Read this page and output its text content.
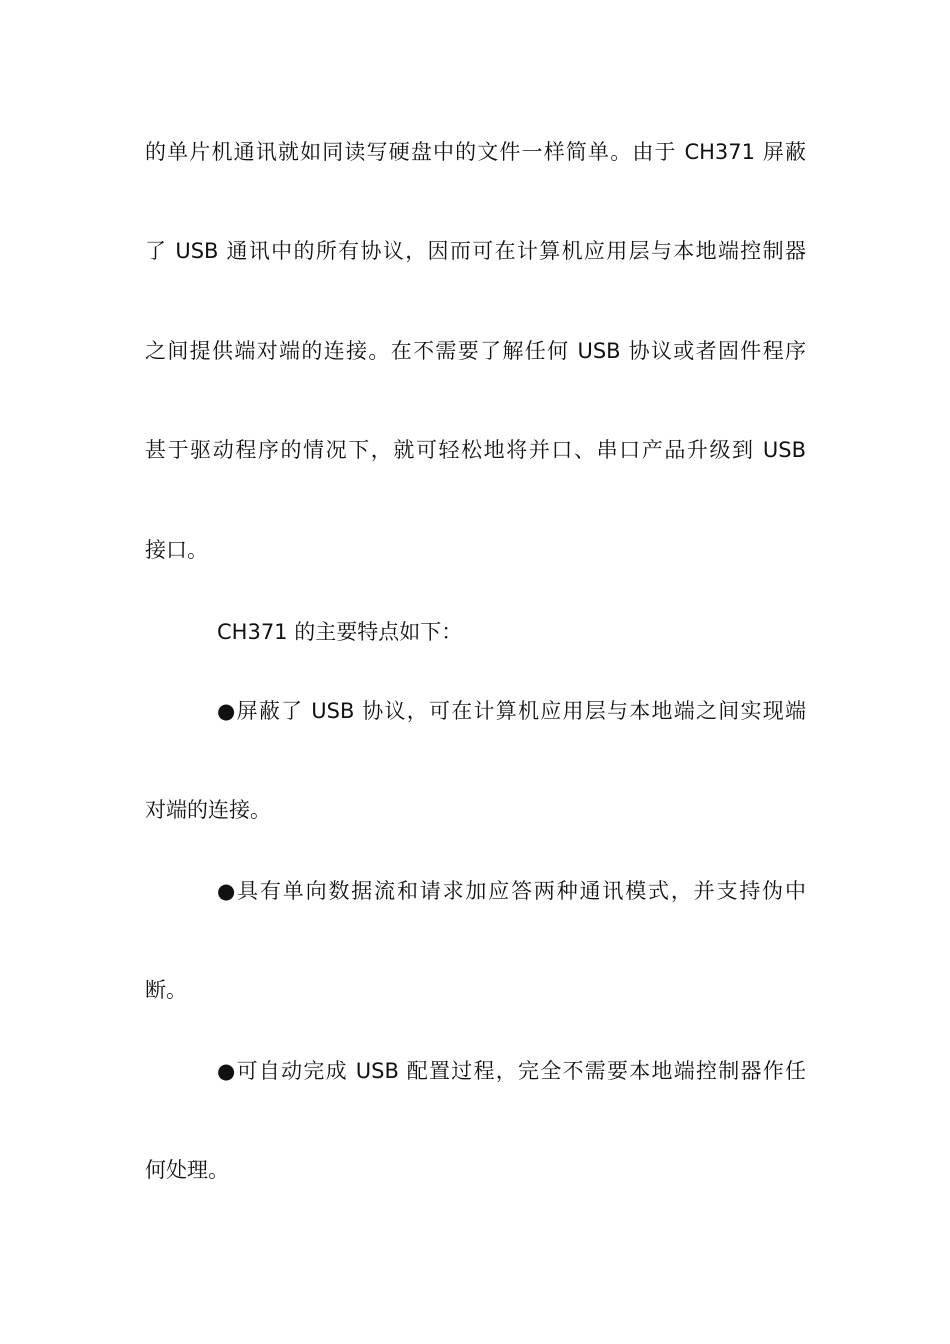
的单片机通讯就如同读写硬盘中的文件一样简单。由于 CH371 屏蔽
了 USB 通讯中的所有协议，因而可在计算机应用层与本地端控制器
之间提供端对端的连接。在不需要了解任何 USB 协议或者固件程序
甚于驱动程序的情况下，就可轻松地将并口、串口产品升级到 USB
接口。
CH371 的主要特点如下：
●屏蔽了 USB 协议，可在计算机应用层与本地端之间实现端
对端的连接。
●具有单向数据流和请求加应答两种通讯模式，并支持伪中
断。
●可自动完成 USB 配置过程，完全不需要本地端控制器作任
何处理。
